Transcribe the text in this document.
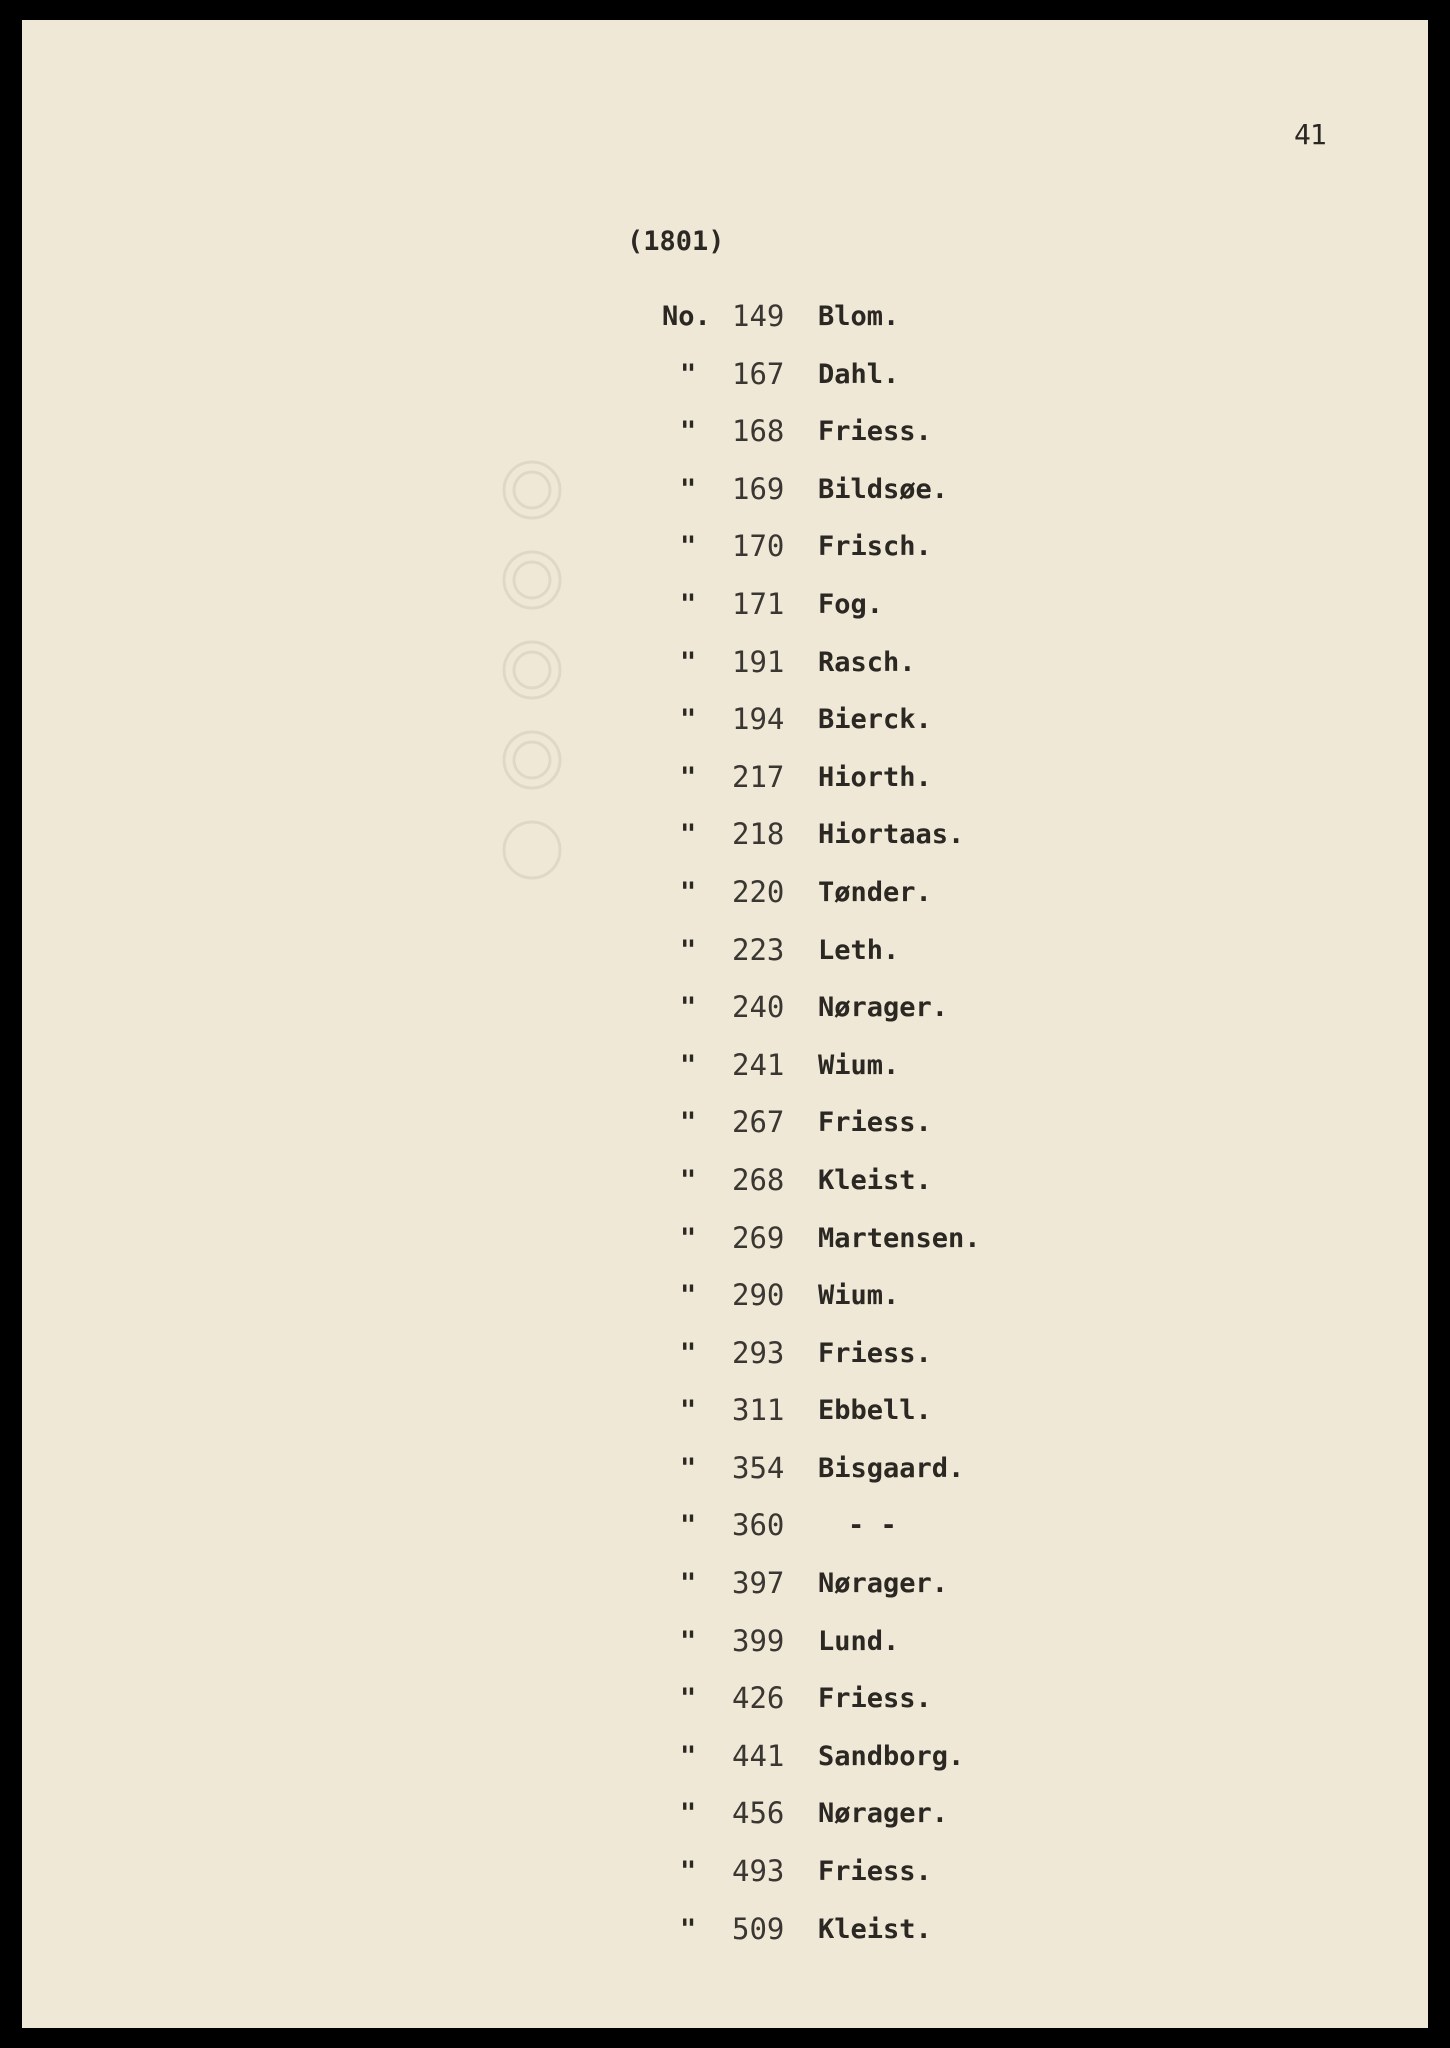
41
(1801)
No. 149	Blom.
"	167	Dahl.
"	168	Friess.
"	169	Bildsøe.
"	170	Frisch.
"	171	Fog.
"	191	Rasch.
"	194	Bierck.
"	217	Hiorth.
"	218	Hiortaas.
"	220	Tønder.
"	223	Leth.
"	240	Nørager.
"	241	Wium.
"	267	Friess.
"	268	Kleist.
"	269	Martensen.
"	290	Wium.
"	293	Friess.
"	311	Ebbell.
"	354	Bisgaard.
"	360	- -
"	397	Nørager.
"	399	Lund.
"	426	Friess.
"	441	Sandborg.
"	456	Nørager.
"	493	Friess.
"	509	Kleist.
